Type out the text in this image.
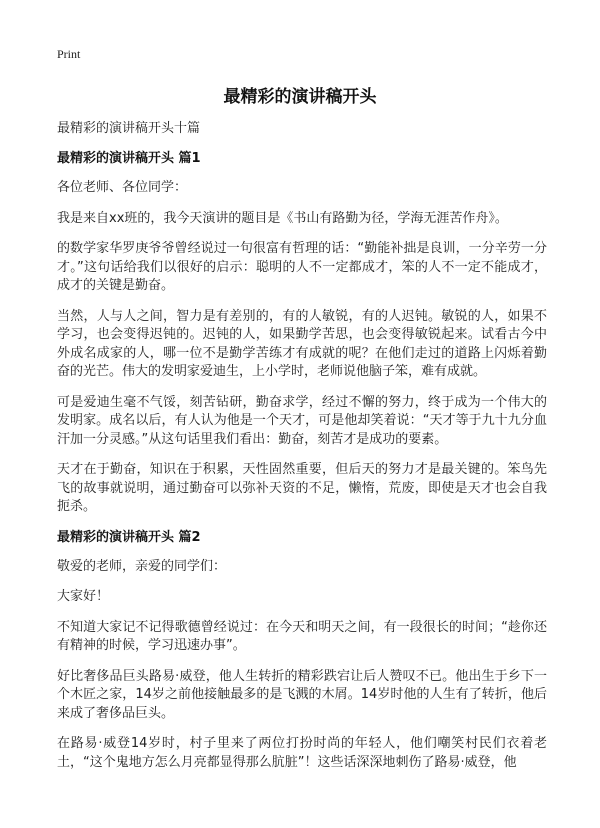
Print
最精彩的演讲稿开头

最精彩的演讲稿开头十篇

最精彩的演讲稿开头 篇1

各位老师、各位同学：

我是来自xx班的，我今天演讲的题目是《书山有路勤为径，学海无涯苦作舟》。

的数学家华罗庚爷爷曾经说过一句很富有哲理的话：“勤能补拙是良训，一分辛劳一分才。”这句话给我们以很好的启示：聪明的人不一定都成才，笨的人不一定不能成才，成才的关键是勤奋。

当然，人与人之间，智力是有差别的，有的人敏锐，有的人迟钝。敏锐的人，如果不学习，也会变得迟钝的。迟钝的人，如果勤学苦思，也会变得敏锐起来。试看古今中外成名成家的人，哪一位不是勤学苦练才有成就的呢？在他们走过的道路上闪烁着勤奋的光芒。伟大的发明家爱迪生，上小学时，老师说他脑子笨，难有成就。

可是爱迪生毫不气馁，刻苦钻研，勤奋求学，经过不懈的努力，终于成为一个伟大的发明家。成名以后，有人认为他是一个天才，可是他却笑着说：“天才等于九十九分血汗加一分灵感。”从这句话里我们看出：勤奋，刻苦才是成功的要素。

天才在于勤奋，知识在于积累，天性固然重要，但后天的努力才是最关键的。笨鸟先飞的故事就说明，通过勤奋可以弥补天资的不足，懒惰，荒废，即使是天才也会自我扼杀。

最精彩的演讲稿开头 篇2

敬爱的老师，亲爱的同学们：

大家好！

不知道大家记不记得歌德曾经说过：在今天和明天之间，有一段很长的时间；“趁你还有精神的时候，学习迅速办事”。

好比奢侈品巨头路易·威登，他人生转折的精彩跌宕让后人赞叹不已。他出生于乡下一个木匠之家，14岁之前他接触最多的是飞溅的木屑。14岁时他的人生有了转折，他后来成了奢侈品巨头。

在路易·威登14岁时，村子里来了两位打扮时尚的年轻人，他们嘲笑村民们衣着老土，“这个鬼地方怎么月亮都显得那么肮脏”！这些话深深地刺伤了路易·威登，他
